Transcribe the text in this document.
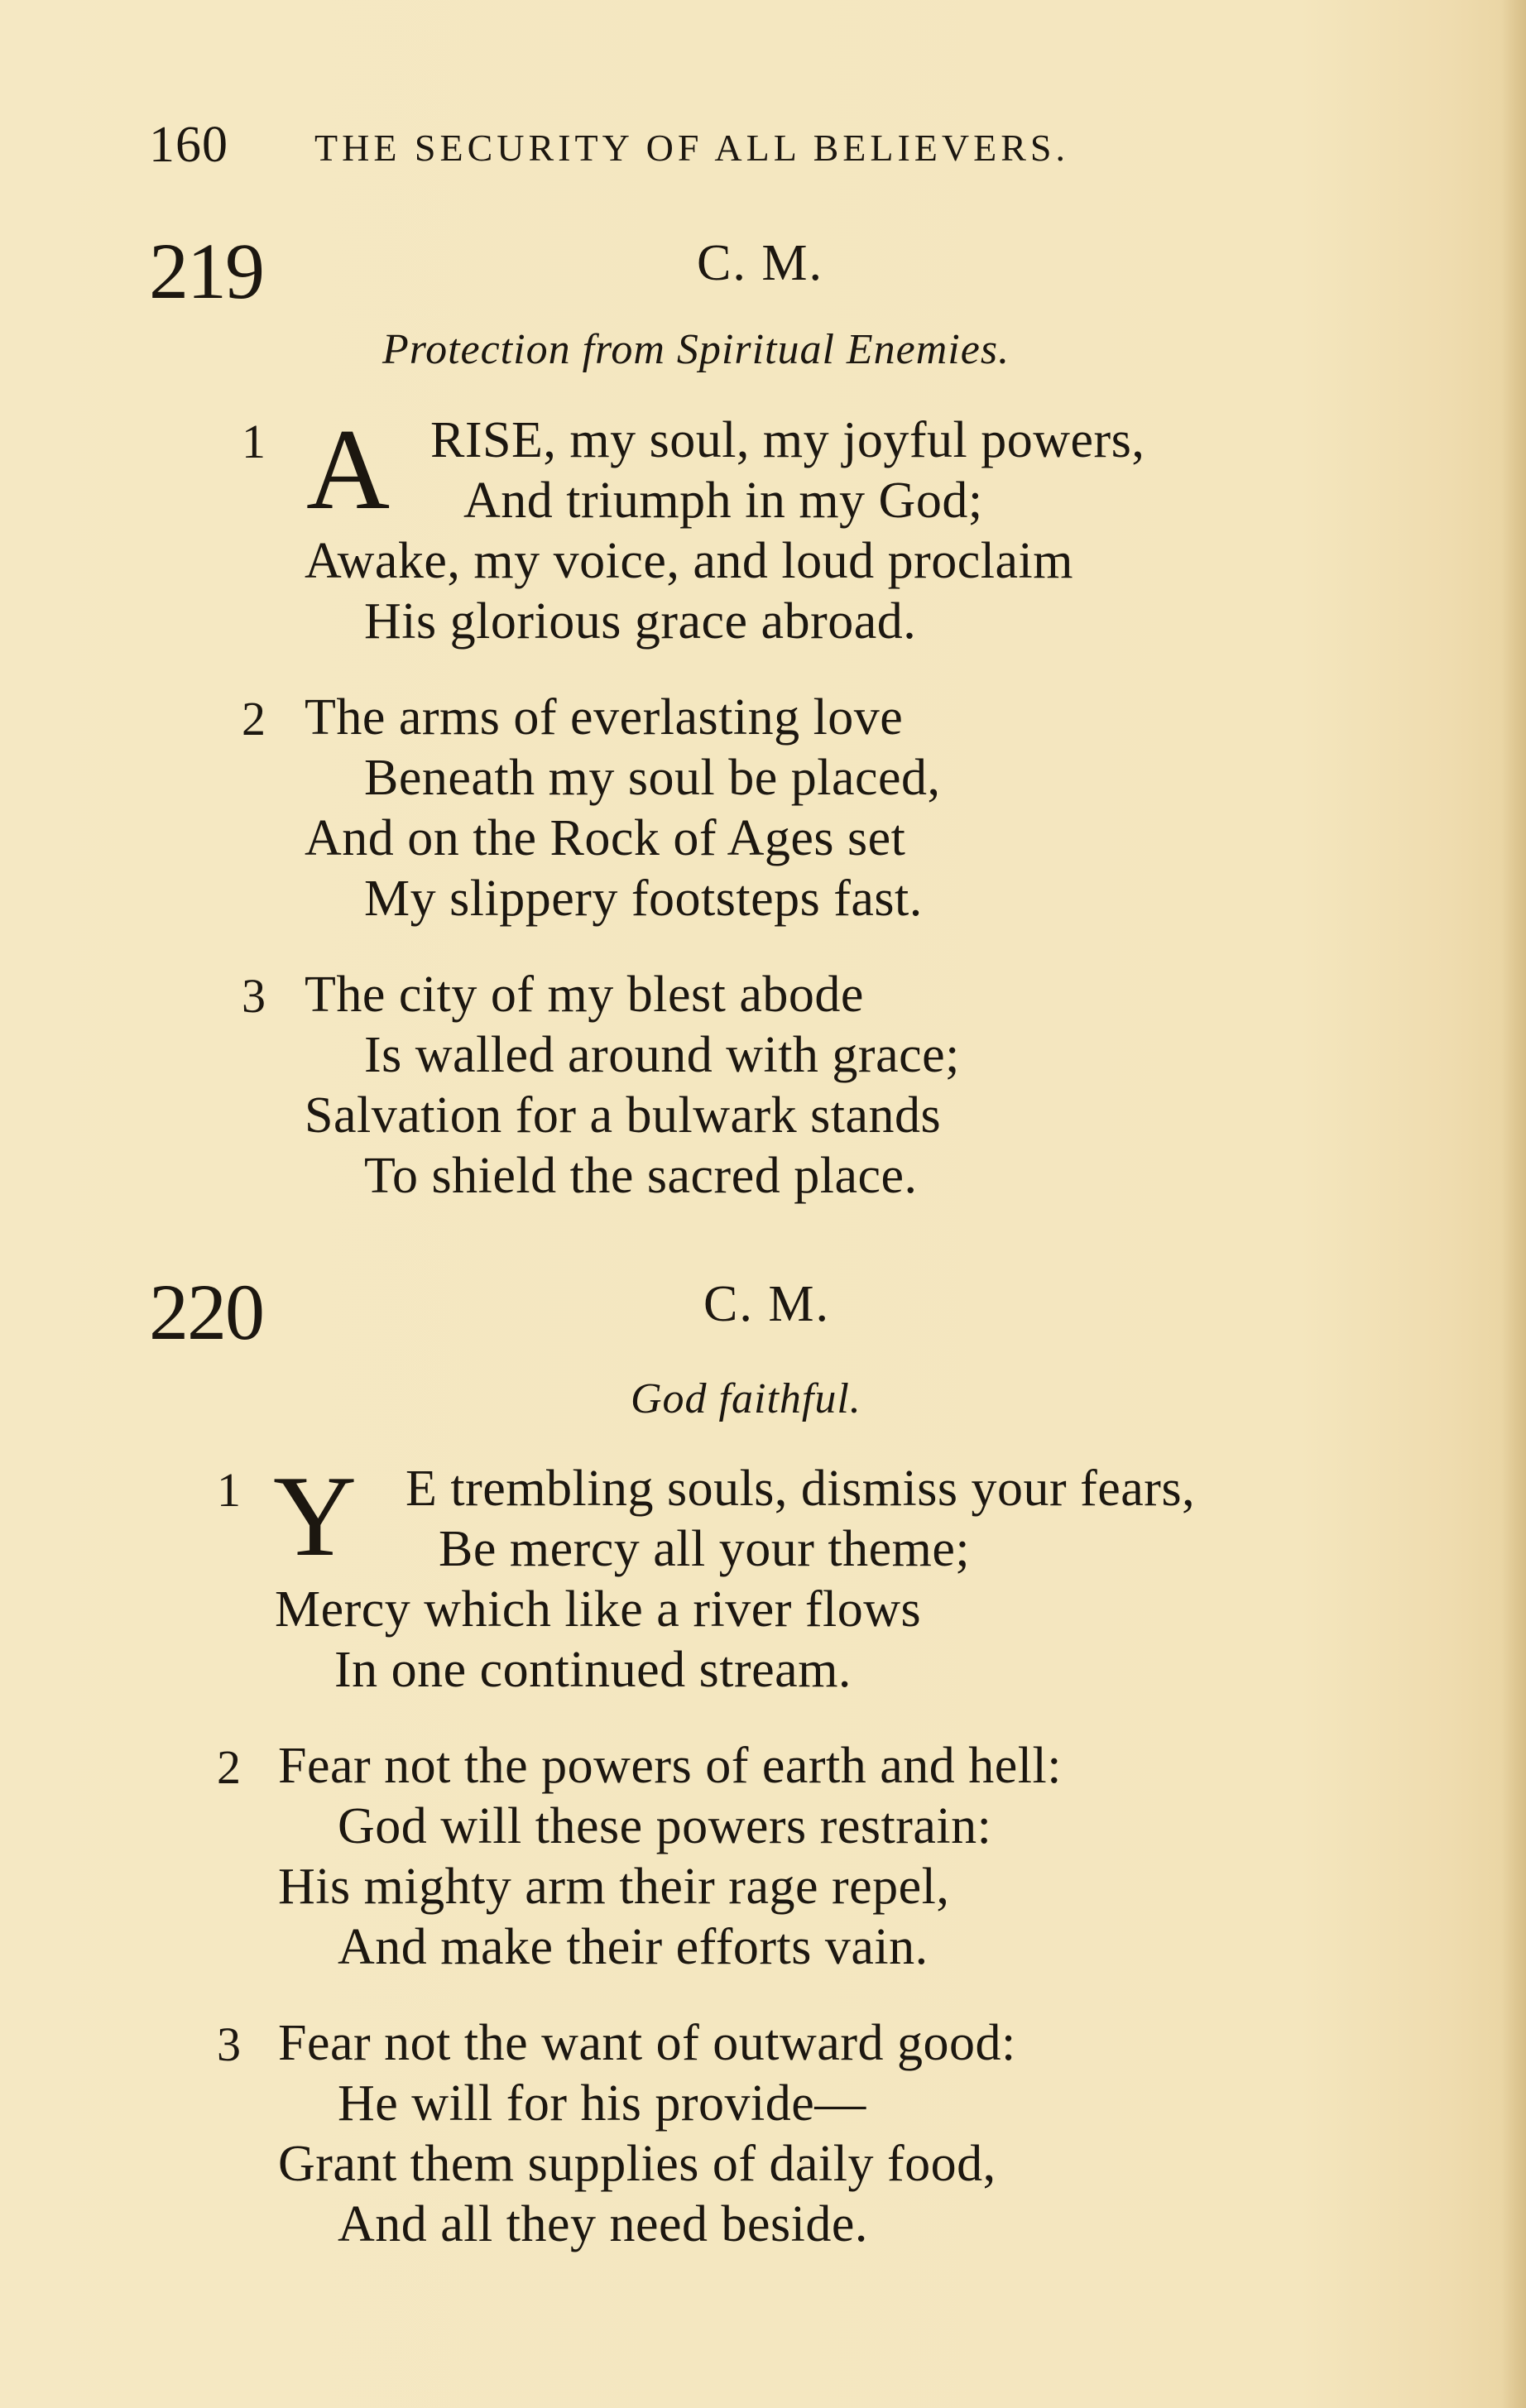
160 THE SECURITY OF ALL BELIEVERS.
219	C. M.
Protection from Spiritual Enemies.
1 A RISE, my soul, my joyful powers,
And triumph in my God;
Awake, my voice, and loud proclaim
His glorious grace abroad.
2 The arms of everlasting love
Beneath my soul be placed,
And on the Rock of Ages set
My slippery footsteps fast.
3 The city of my blest abode
Is walled around with grace;
Salvation for a bulwark stands
To shield the sacred place.
220	C. M.
God faithful.
1 Y E trembling souls, dismiss your fears,
Be mercy all your theme;
Mercy which like a river flows
In one continued stream.
2 Fear not the powers of earth and hell:
God will these powers restrain:
His mighty arm their rage repel,
And make their efforts vain.
3 Fear not the want of outward good:
He will for his provide—
Grant them supplies of daily food,
And all they need beside.
